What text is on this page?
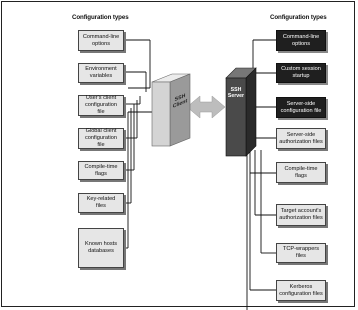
Configuration types	Configuration types
SSH
Client
SSH
Server
Command-line
options
Environment
variables
User's client
configuration file
Global client
configuration file
Compile-time
flags
Key-related
files
Known hosts
databases
Command-line
options
Custom session
startup
Server-side
configuration file
Server-side
authorization files
Compile-time
flags
Target account's
authorization files
TCP-wrappers
files
Kerberos
configuration files
